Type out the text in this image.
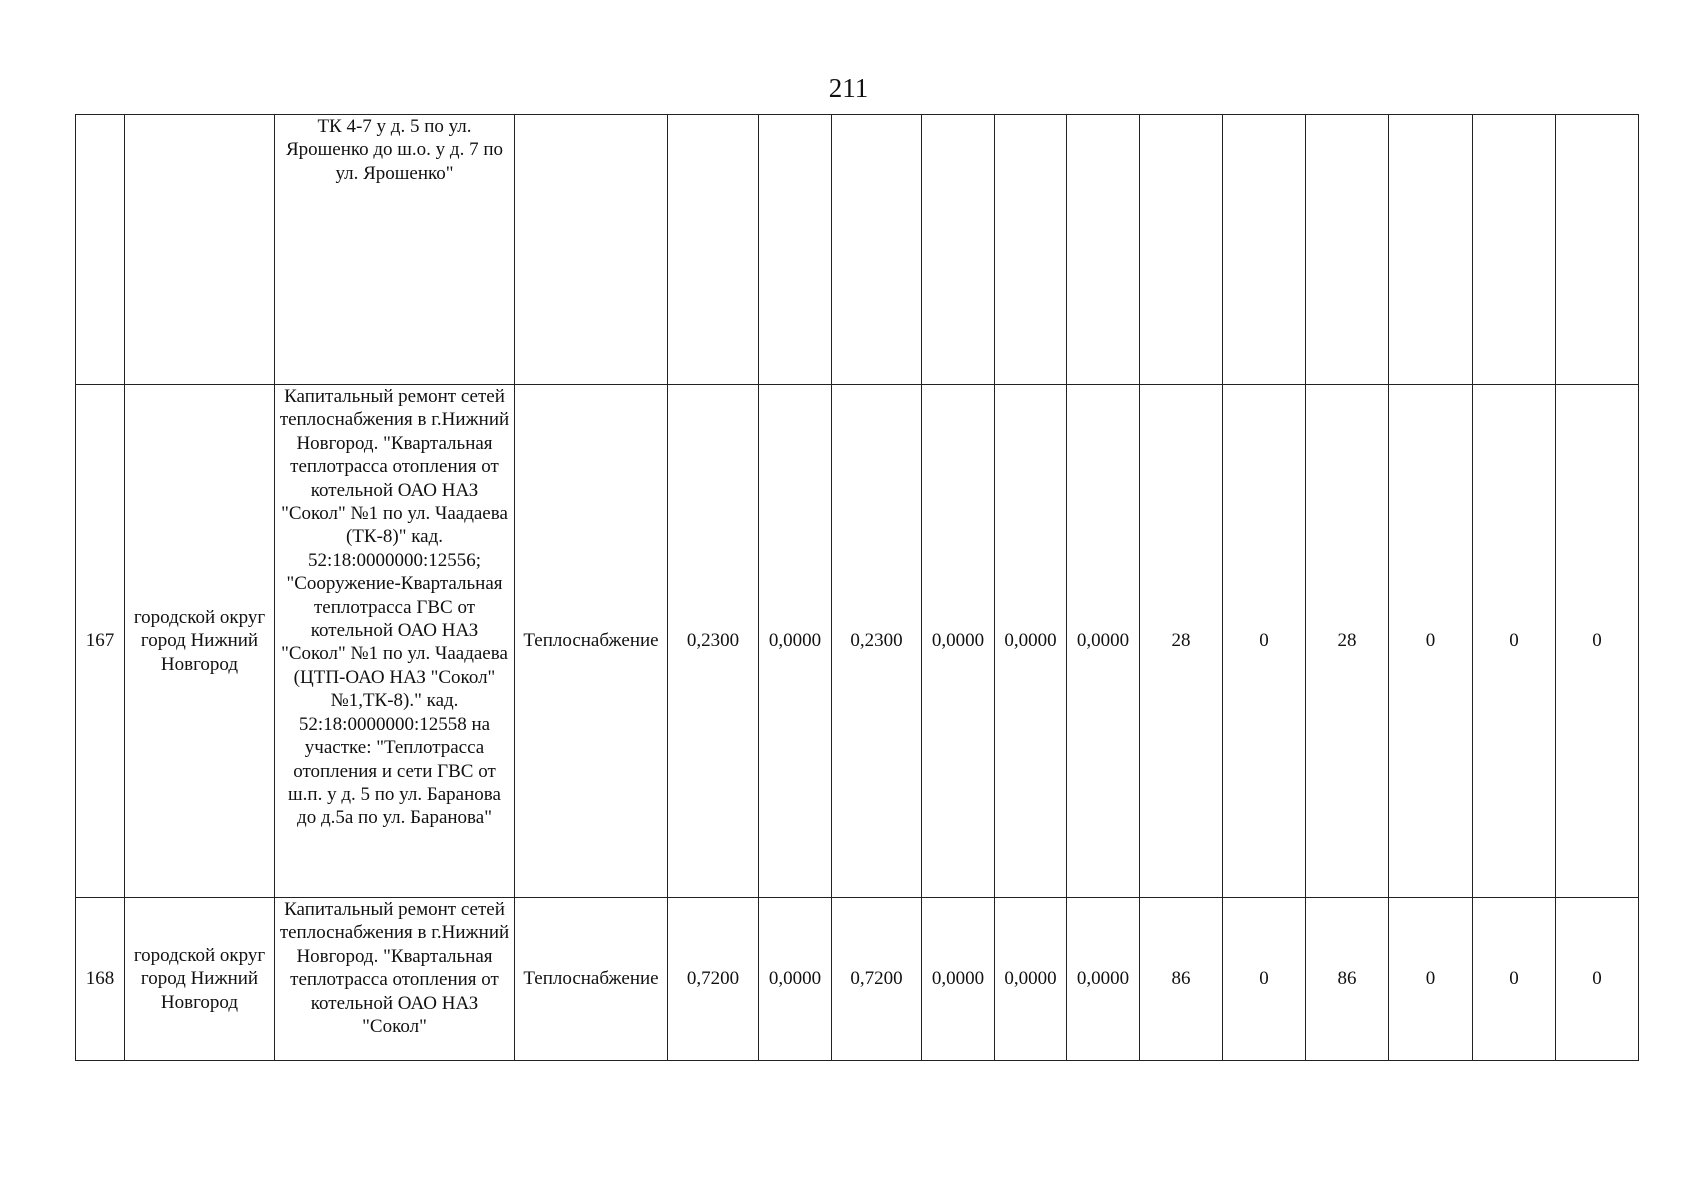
211
		ТК 4-7 у д. 5 по ул. Ярошенко до ш.о. у д. 7 по ул. Ярошенко"													
167	городской округ город Нижний Новгород	Капитальный ремонт сетей теплоснабжения в г.Нижний Новгород. "Квартальная теплотрасса отопления от котельной ОАО НАЗ "Сокол" №1 по ул. Чаадаева (ТК-8)" кад. 52:18:0000000:12556; "Сооружение-Квартальная теплотрасса ГВС от котельной ОАО НАЗ "Сокол" №1 по ул. Чаадаева (ЦТП-ОАО НАЗ "Сокол" №1,ТК-8)." кад. 52:18:0000000:12558 на участке: "Теплотрасса отопления и сети ГВС от ш.п. у д. 5 по ул. Баранова до д.5а по ул. Баранова"	Теплоснабжение	0,2300	0,0000	0,2300	0,0000	0,0000	0,0000	28	0	28	0	0	0
168	городской округ город Нижний Новгород	Капитальный ремонт сетей теплоснабжения в г.Нижний Новгород. "Квартальная теплотрасса отопления от котельной ОАО НАЗ "Сокол"	Теплоснабжение	0,7200	0,0000	0,7200	0,0000	0,0000	0,0000	86	0	86	0	0	0
